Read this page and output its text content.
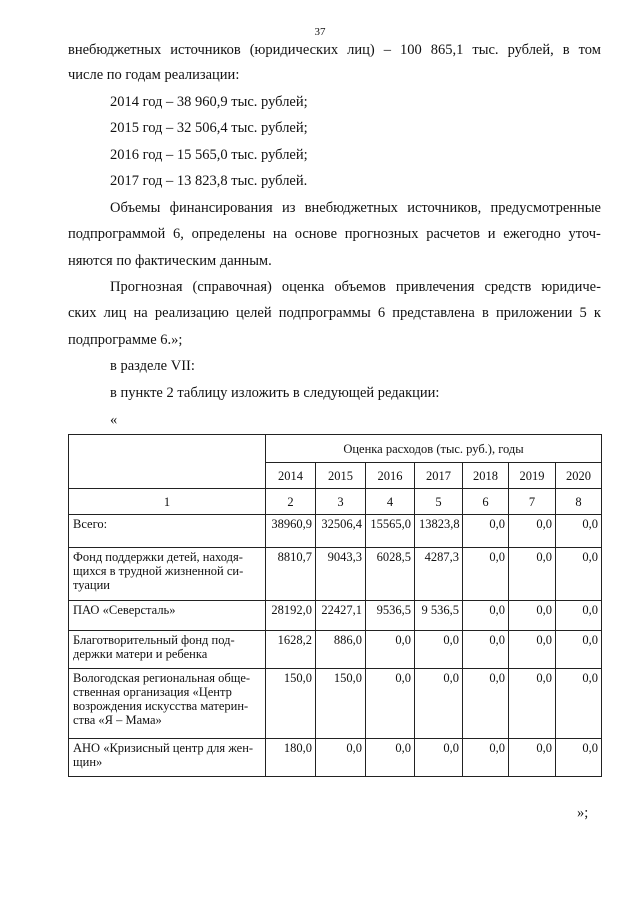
37
внебюджетных источников (юридических лиц) – 100 865,1 тыс. рублей, в том
числе по годам реализации:
2014 год – 38 960,9 тыс. рублей;
2015 год – 32 506,4 тыс. рублей;
2016 год – 15 565,0 тыс. рублей;
2017 год – 13 823,8 тыс. рублей.
Объемы финансирования из внебюджетных источников, предусмотренные
подпрограммой 6, определены на основе прогнозных расчетов и ежегодно уточ-
няются по фактическим данным.
Прогнозная (справочная) оценка объемов привлечения средств юридиче-
ских лиц на реализацию целей подпрограммы 6 представлена в приложении 5 к
подпрограмме 6.»;
в разделе VII:
в пункте 2 таблицу изложить в следующей редакции:
«
	Оценка расходов (тыс. руб.), годы						
	2014	2015	2016	2017	2018	2019	2020
1	2	3	4	5	6	7	8
Всего:	38960,9	32506,4	15565,0	13823,8	0,0	0,0	0,0
Фонд поддержки детей, находя-щихся в трудной жизненной си-туации	8810,7	9043,3	6028,5	4287,3	0,0	0,0	0,0
ПАО «Северсталь»	28192,0	22427,1	9536,5	9 536,5	0,0	0,0	0,0
Благотворительный фонд под-держки матери и ребенка	1628,2	886,0	0,0	0,0	0,0	0,0	0,0
Вологодская региональная обще-ственная организация «Центр возрождения искусства материн-ства «Я – Мама»	150,0	150,0	0,0	0,0	0,0	0,0	0,0
АНО «Кризисный центр для жен-щин»	180,0	0,0	0,0	0,0	0,0	0,0	0,0
»;
